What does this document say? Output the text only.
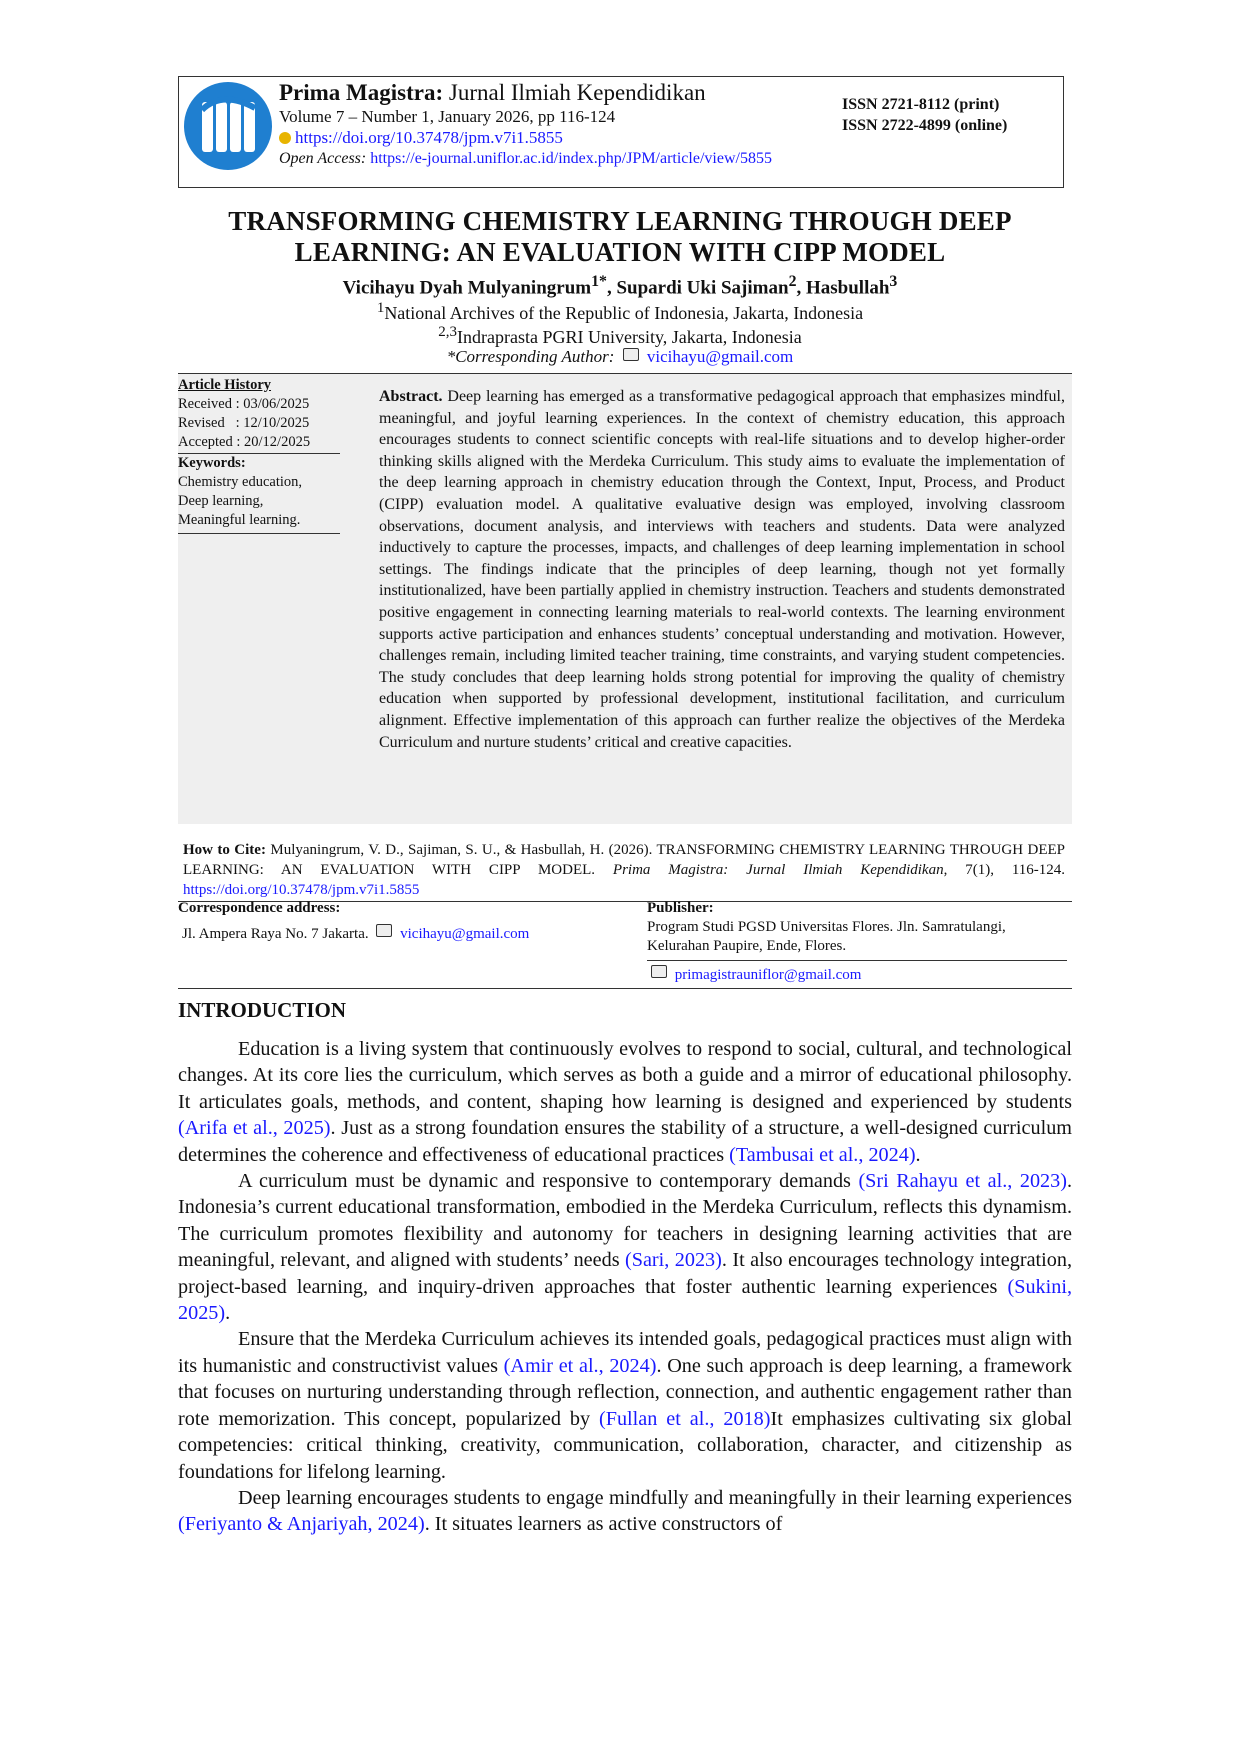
Prima Magistra: Jurnal Ilmiah Kependidikan
Volume 7 – Number 1, January 2026, pp 116-124
https://doi.org/10.37478/jpm.v7i1.5855
Open Access: https://e-journal.uniflor.ac.id/index.php/JPM/article/view/5855
ISSN 2721-8112 (print)
ISSN 2722-4899 (online)
TRANSFORMING CHEMISTRY LEARNING THROUGH DEEP
LEARNING: AN EVALUATION WITH CIPP MODEL
Vicihayu Dyah Mulyaningrum$^{1*}$, Supardi Uki Sajiman$^2$, Hasbullah$^3$
$^1$National Archives of the Republic of Indonesia, Jakarta, Indonesia
$^{2,3}$Indraprasta PGRI University, Jakarta, Indonesia
*Corresponding Author: vicihayu@gmail.com
Article History
Received : 03/06/2025
Revised   : 12/10/2025
Accepted : 20/12/2025
Keywords:
Chemistry education,
Deep learning,
Meaningful learning.
Abstract. Deep learning has emerged as a transformative pedagogical approach that emphasizes mindful, meaningful, and joyful learning experiences. In the context of chemistry education, this approach encourages students to connect scientific concepts with real-life situations and to develop higher-order thinking skills aligned with the Merdeka Curriculum. This study aims to evaluate the implementation of the deep learning approach in chemistry education through the Context, Input, Process, and Product (CIPP) evaluation model. A qualitative evaluative design was employed, involving classroom observations, document analysis, and interviews with teachers and students. Data were analyzed inductively to capture the processes, impacts, and challenges of deep learning implementation in school settings. The findings indicate that the principles of deep learning, though not yet formally institutionalized, have been partially applied in chemistry instruction. Teachers and students demonstrated positive engagement in connecting learning materials to real-world contexts. The learning environment supports active participation and enhances students’ conceptual understanding and motivation. However, challenges remain, including limited teacher training, time constraints, and varying student competencies. The study concludes that deep learning holds strong potential for improving the quality of chemistry education when supported by professional development, institutional facilitation, and curriculum alignment. Effective implementation of this approach can further realize the objectives of the Merdeka Curriculum and nurture students’ critical and creative capacities.
How to Cite: Mulyaningrum, V. D., Sajiman, S. U., & Hasbullah, H. (2026). TRANSFORMING CHEMISTRY LEARNING THROUGH DEEP LEARNING: AN EVALUATION WITH CIPP MODEL. Prima Magistra: Jurnal Ilmiah Kependidikan, 7(1), 116-124. https://doi.org/10.37478/jpm.v7i1.5855
Correspondence address:
Jl. Ampera Raya No. 7 Jakarta. vicihayu@gmail.com
Publisher:
Program Studi PGSD Universitas Flores. Jln. Samratulangi, Kelurahan Paupire, Ende, Flores.
primagistrauniflor@gmail.com
INTRODUCTION

Education is a living system that continuously evolves to respond to social, cultural, and technological changes. At its core lies the curriculum, which serves as both a guide and a mirror of educational philosophy. It articulates goals, methods, and content, shaping how learning is designed and experienced by students (Arifa et al., 2025). Just as a strong foundation ensures the stability of a structure, a well-designed curriculum determines the coherence and effectiveness of educational practices (Tambusai et al., 2024).

A curriculum must be dynamic and responsive to contemporary demands (Sri Rahayu et al., 2023). Indonesia’s current educational transformation, embodied in the Merdeka Curriculum, reflects this dynamism. The curriculum promotes flexibility and autonomy for teachers in designing learning activities that are meaningful, relevant, and aligned with students’ needs (Sari, 2023). It also encourages technology integration, project-based learning, and inquiry-driven approaches that foster authentic learning experiences (Sukini, 2025).

Ensure that the Merdeka Curriculum achieves its intended goals, pedagogical practices must align with its humanistic and constructivist values (Amir et al., 2024). One such approach is deep learning, a framework that focuses on nurturing understanding through reflection, connection, and authentic engagement rather than rote memorization. This concept, popularized by (Fullan et al., 2018)It emphasizes cultivating six global competencies: critical thinking, creativity, communication, collaboration, character, and citizenship as foundations for lifelong learning.

Deep learning encourages students to engage mindfully and meaningfully in their learning experiences (Feriyanto & Anjariyah, 2024). It situates learners as active constructors of
